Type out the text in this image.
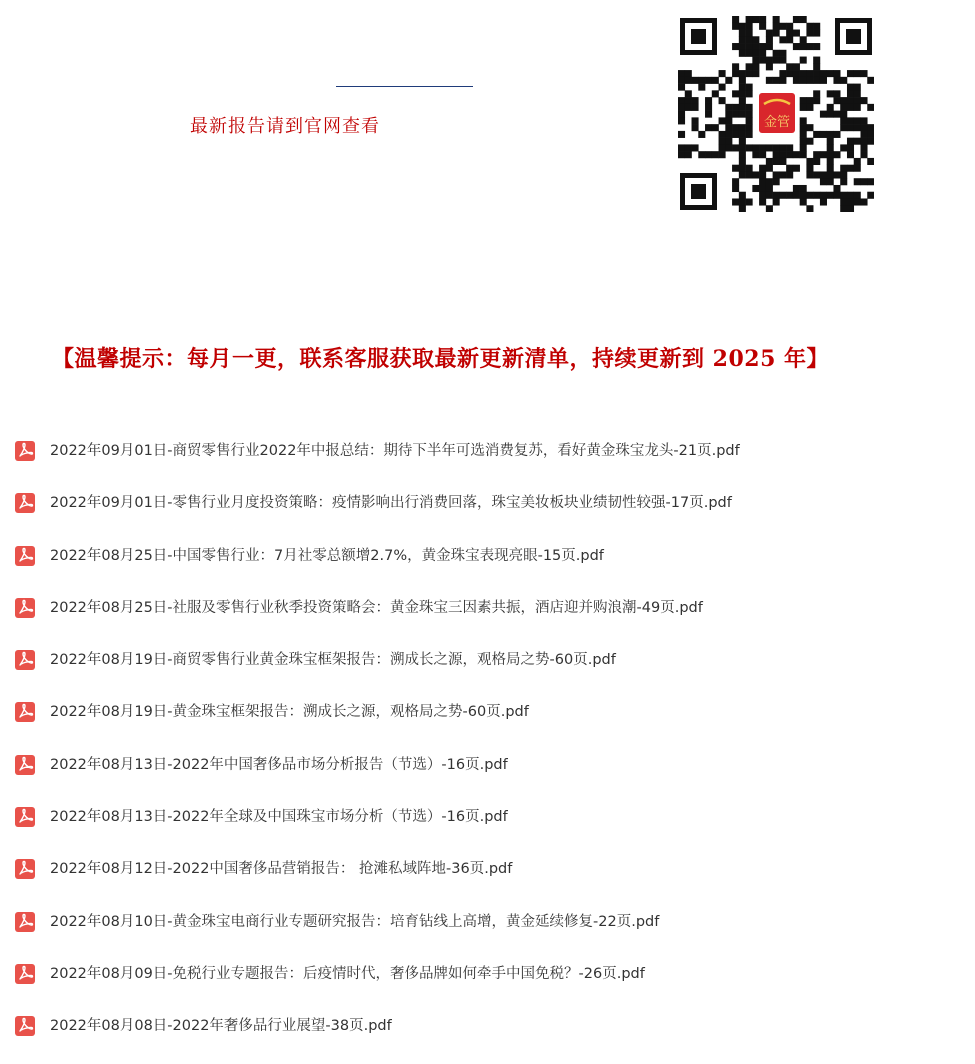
最新报告请到官网查看	金管
【温馨提示：每月一更，联系客服获取最新更新清单，持续更新到 2025 年】
2022年09月01日-商贸零售行业2022年中报总结：期待下半年可选消费复苏，看好黄金珠宝龙头-21页.pdf
2022年09月01日-零售行业月度投资策略：疫情影响出行消费回落，珠宝美妆板块业绩韧性较强-17页.pdf
2022年08月25日-中国零售行业：7月社零总额增2.7%，黄金珠宝表现亮眼-15页.pdf
2022年08月25日-社服及零售行业秋季投资策略会：黄金珠宝三因素共振，酒店迎并购浪潮-49页.pdf
2022年08月19日-商贸零售行业黄金珠宝框架报告：溯成长之源，观格局之势-60页.pdf
2022年08月19日-黄金珠宝框架报告：溯成长之源，观格局之势-60页.pdf
2022年08月13日-2022年中国奢侈品市场分析报告（节选）-16页.pdf
2022年08月13日-2022年全球及中国珠宝市场分析（节选）-16页.pdf
2022年08月12日-2022中国奢侈品营销报告： 抢滩私域阵地-36页.pdf
2022年08月10日-黄金珠宝电商行业专题研究报告：培育钻线上高增，黄金延续修复-22页.pdf
2022年08月09日-免税行业专题报告：后疫情时代，奢侈品牌如何牵手中国免税？-26页.pdf
2022年08月08日-2022年奢侈品行业展望-38页.pdf
